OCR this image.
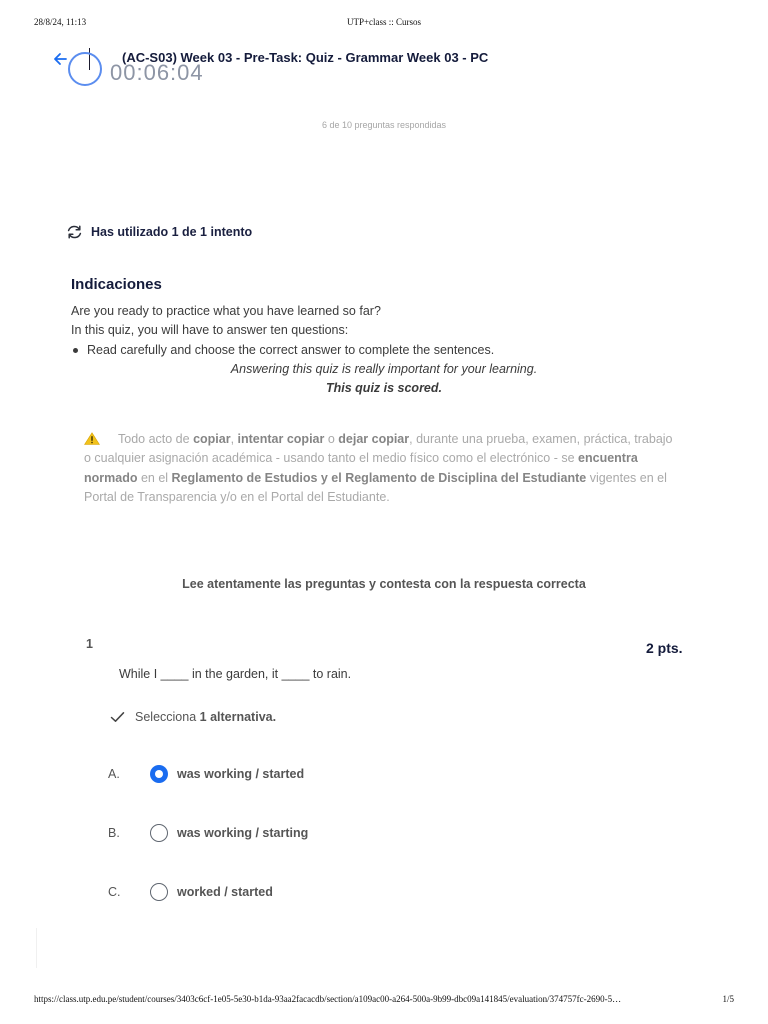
28/8/24, 11:13	UTP+class :: Cursos
(AC-S03) Week 03 - Pre-Task: Quiz - Grammar Week 03 - PC
00:06:04
6 de 10 preguntas respondidas
Has utilizado 1 de 1 intento
Indicaciones
Are you ready to practice what you have learned so far?
In this quiz, you will have to answer ten questions:
Read carefully and choose the correct answer to complete the sentences.
Answering this quiz is really important for your learning.
This quiz is scored.
Todo acto de copiar, intentar copiar o dejar copiar, durante una prueba, examen, práctica, trabajo o cualquier asignación académica - usando tanto el medio físico como el electrónico - se encuentra normado en el Reglamento de Estudios y el Reglamento de Disciplina del Estudiante vigentes en el Portal de Transparencia y/o en el Portal del Estudiante.
Lee atentamente las preguntas y contesta con la respuesta correcta
1	2 pts.
While I ____ in the garden, it ____ to rain.
Selecciona
1 alternativa.
A.	was working / started
B.	was working / starting
C.	worked / started
https://class.utp.edu.pe/student/courses/3403c6cf-1e05-5e30-b1da-93aa2facacdb/section/a109ac00-a264-500a-9b99-dbc09a141845/evaluation/374757fc-2690-5…	1/5
